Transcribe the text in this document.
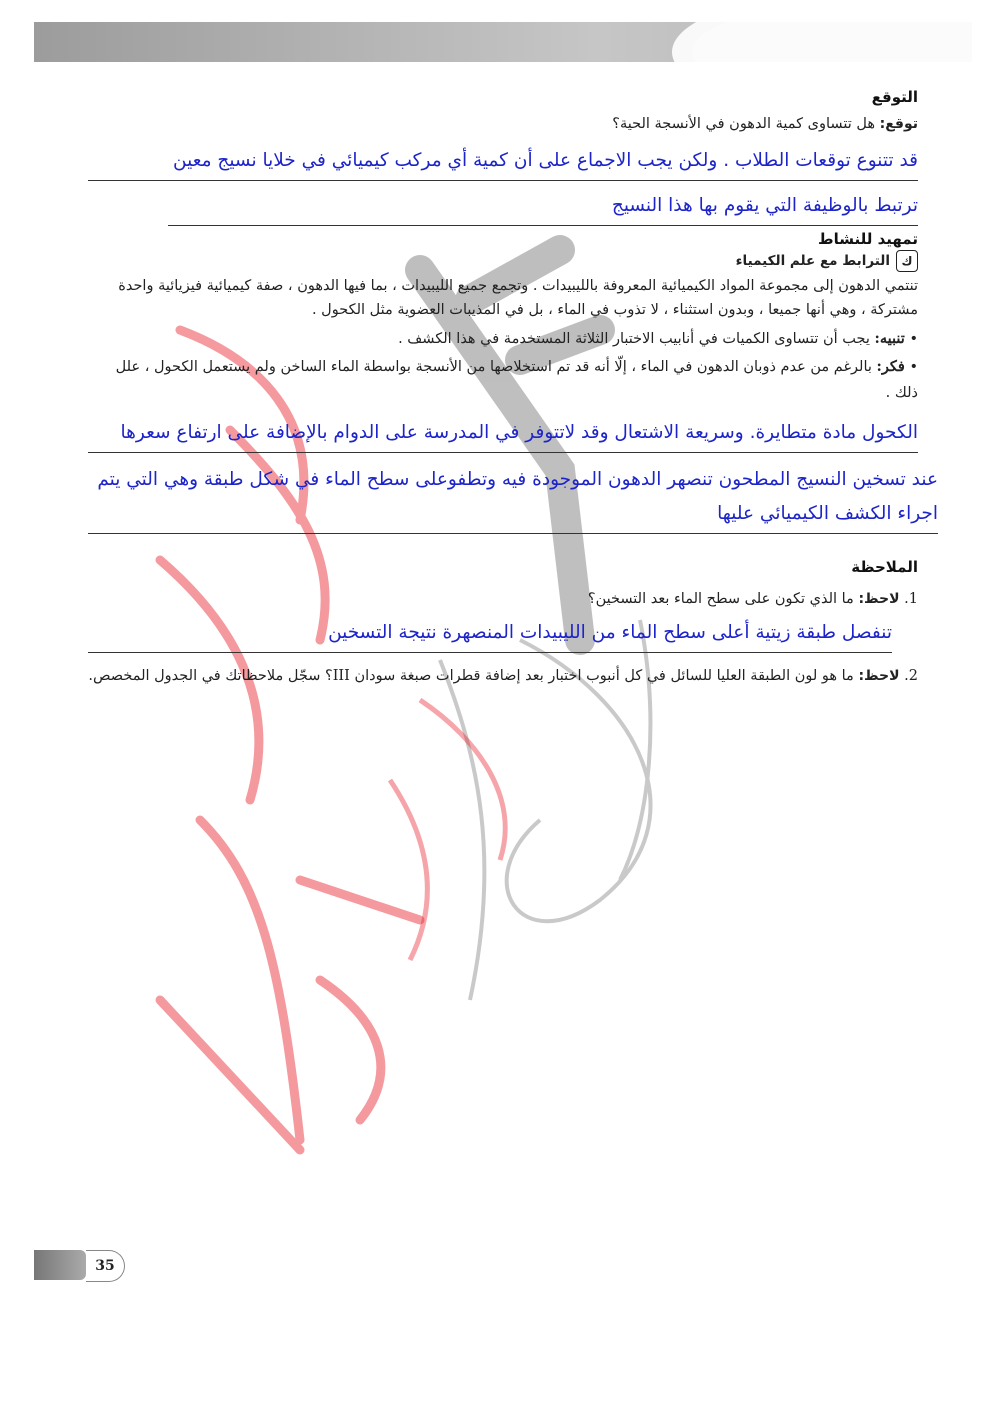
التوقع

توقع: هل تتساوى كمية الدهون في الأنسجة الحية؟

قد تتنوع توقعات الطلاب . ولكن يجب الاجماع على أن كمية أي مركب كيميائي في خلايا نسيج معين

ترتبط بالوظيفة التي يقوم بها هذا النسيج

تمهيد للنشاط

ك
الترابط مع علم الكيمياء

تنتمي الدهون إلى مجموعة المواد الكيميائية المعروفة بالليبيدات . وتجمع جميع الليبيدات ، بما فيها الدهون ، صفة كيميائية فيزيائية واحدة مشتركة ، وهي أنها جميعا ، وبدون استثناء ، لا تذوب في الماء ، بل في المذيبات العضوية مثل الكحول .

• تنبيه: يجب أن تتساوى الكميات في أنابيب الاختبار الثلاثة المستخدمة في هذا الكشف .

• فكر: بالرغم من عدم ذوبان الدهون في الماء ، إلّا أنه قد تم استخلاصها من الأنسجة بواسطة الماء الساخن ولم يستعمل الكحول ، علل ذلك .

الكحول مادة متطايرة. وسريعة الاشتعال وقد لاتتوفر في المدرسة على الدوام بالإضافة على ارتفاع سعرها

عند تسخين النسيج المطحون تنصهر الدهون الموجودة فيه وتطفوعلى سطح الماء في شكل طبقة وهي التي يتم اجراء الكشف الكيميائي عليها

الملاحظة

1. لاحظ: ما الذي تكون على سطح الماء بعد التسخين؟

تنفصل طبقة زيتية أعلى سطح الماء من الليبيدات المنصهرة نتيجة التسخين

2. لاحظ: ما هو لون الطبقة العليا للسائل في كل أنبوب اختبار بعد إضافة قطرات صبغة سودان III؟ سجّل ملاحظاتك في الجدول المخصص.

35
